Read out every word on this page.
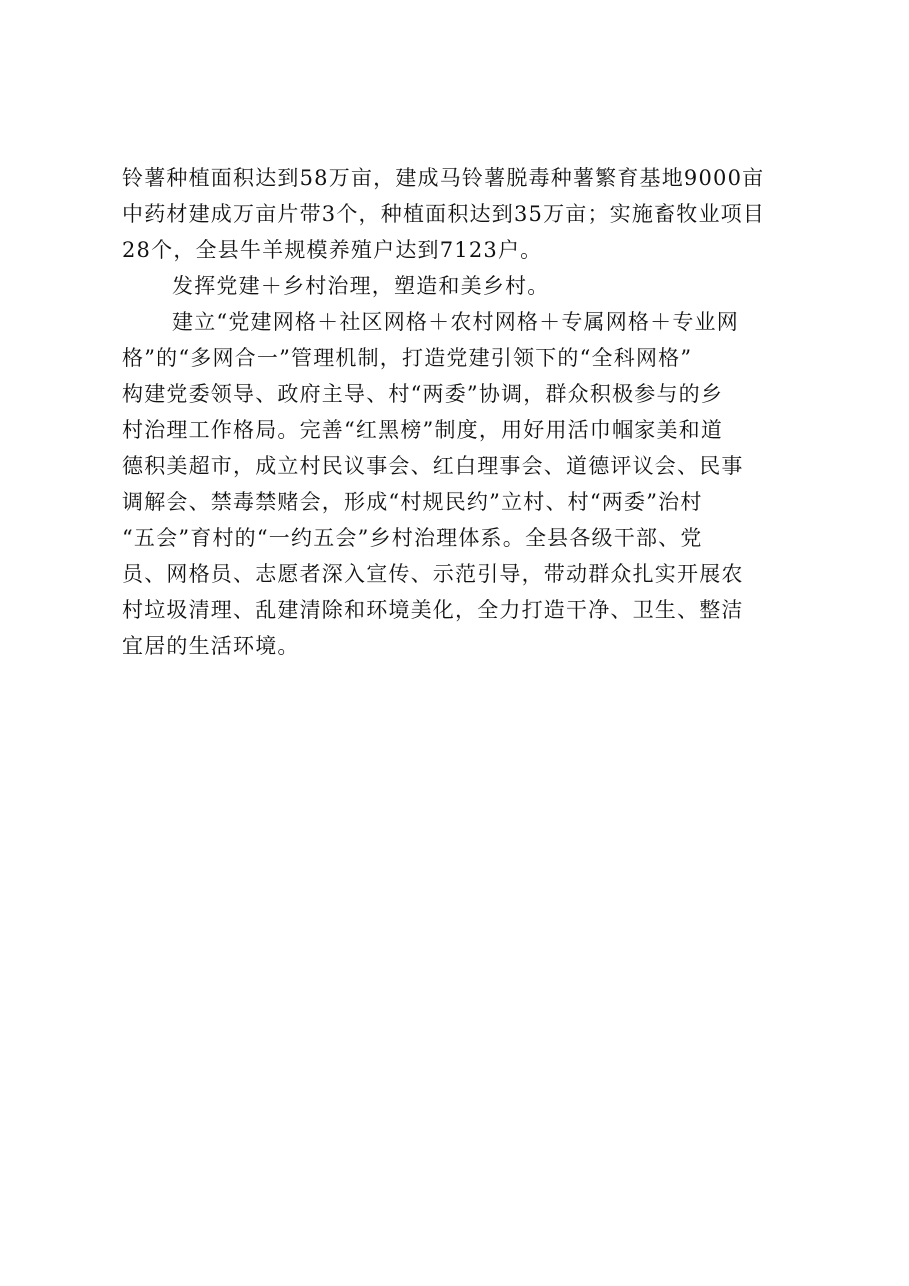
铃薯种植面积达到58万亩，建成马铃薯脱毒种薯繁育基地9000亩
中药材建成万亩片带3个，种植面积达到35万亩；实施畜牧业项目
28个，全县牛羊规模养殖户达到7123户。
发挥党建＋乡村治理，塑造和美乡村。
建立“党建网格＋社区网格＋农村网格＋专属网格＋专业网
格”的“多网合一”管理机制，打造党建引领下的“全科网格”
构建党委领导、政府主导、村“两委”协调，群众积极参与的乡
村治理工作格局。完善“红黑榜”制度，用好用活巾帼家美和道
德积美超市，成立村民议事会、红白理事会、道德评议会、民事
调解会、禁毒禁赌会，形成“村规民约”立村、村“两委”治村
“五会”育村的“一约五会”乡村治理体系。全县各级干部、党
员、网格员、志愿者深入宣传、示范引导，带动群众扎实开展农
村垃圾清理、乱建清除和环境美化，全力打造干净、卫生、整洁
宜居的生活环境。
